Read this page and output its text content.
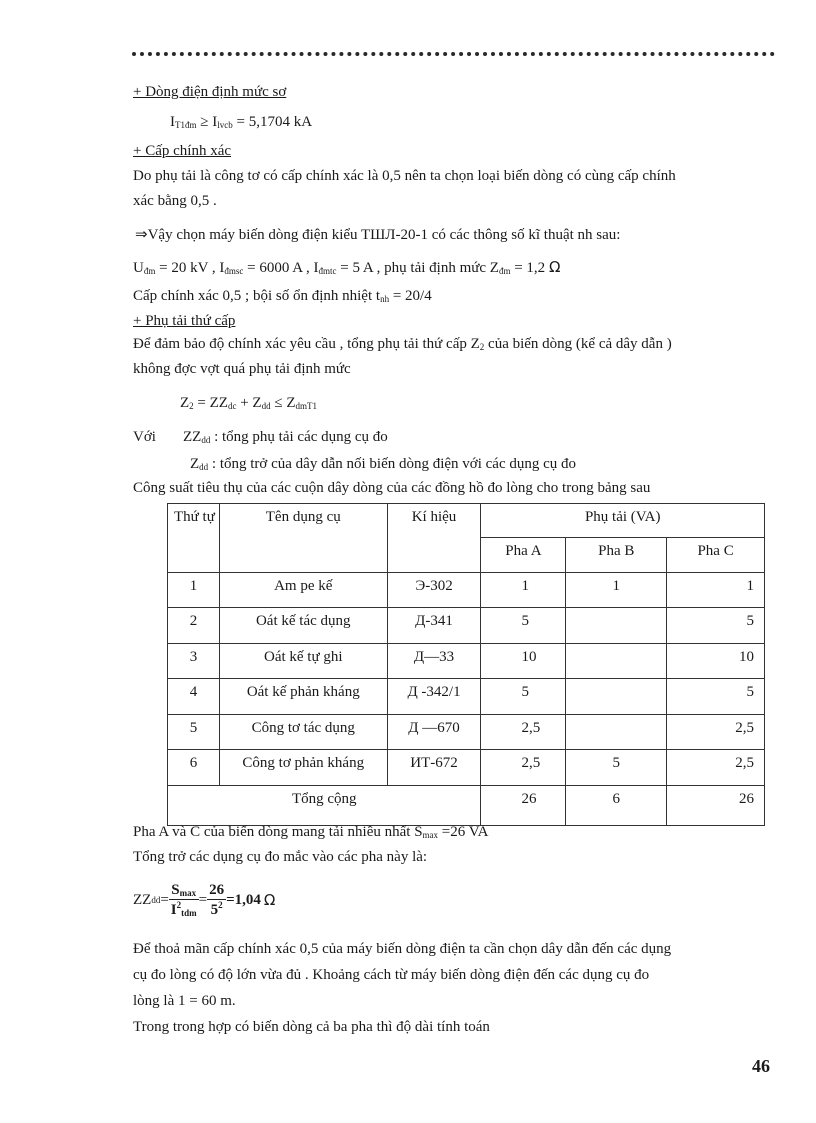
+ Dòng điện định mức sơ
$I_{T1đm} \ge I_{lvcb} = 5,1704$ kA
+ Cấp chính xác
Do phụ tải là công tơ có cấp chính xác là 0,5 nên ta chọn loại biến dòng có cùng cấp chính
xác bằng 0,5 .
⇒Vậy chọn máy biến dòng điện kiểu TШЛ-20-1 có các thông số kĩ thuật nh sau:
$U_{đm} = 20$ kV , $I_{đmsc} = 6000$ A , $I_{đmtc} = 5$ A , phụ tải định mức $Z_{đm} = 1,2$ Ω
Cấp chính xác 0,5 ; bội số ổn định nhiệt $t_{nh} = 20/4$
+ Phụ tải thứ cấp
Để đảm bảo độ chính xác yêu cầu , tổng phụ tải thứ cấp $Z_2$ của biến dòng (kể cả dây dẫn )
không đợc vợt quá phụ tải định mức
$Z_2 = ZZ_{dc} + Z_{dd} \le Z_{dmT1}$
Với $ZZ_{dd}$ : tổng phụ tải các dụng cụ đo
$Z_{dd}$ : tổng trở của dây dẫn nối biến dòng điện với các dụng cụ đo
Công suất tiêu thụ của các cuộn dây dòng của các đồng hồ đo lòng cho trong bảng sau
Thứ tự	Tên dụng cụ	Kí hiệu	Phụ tải (VA)		
			Pha A	Pha B	Pha C
1	Am pe kế	Э-302	1	1	1
2	Oát kế tác dụng	Д-341	5		5
3	Oát kế tự ghi	Д—33	10		10
4	Oát kế phản kháng	Д -342/1	5		5
5	Công tơ tác dụng	Д —670	2,5		2,5
6	Công tơ phản kháng	ИТ-672	2,5	5	2,5
Tổng cộng			26	6	26
Pha A và C của biến dòng mang tải nhiều nhất $S_{max} =26$ VA
Tổng trở các dụng cụ đo mắc vào các pha này là:
ZZ dd = $\frac{S_{max}}{I^2_{tdm}} = \frac{26}{5^2} =1,04$ Ω
Để thoả mãn cấp chính xác 0,5 của máy biến dòng điện ta cần chọn dây dẫn đến các dụng
cụ đo lòng có độ lớn vừa đủ . Khoảng cách từ máy biến dòng điện đến các dụng cụ đo
lòng là 1 = 60 m.
Trong trong hợp có biến dòng cả ba pha thì độ dài tính toán
46
